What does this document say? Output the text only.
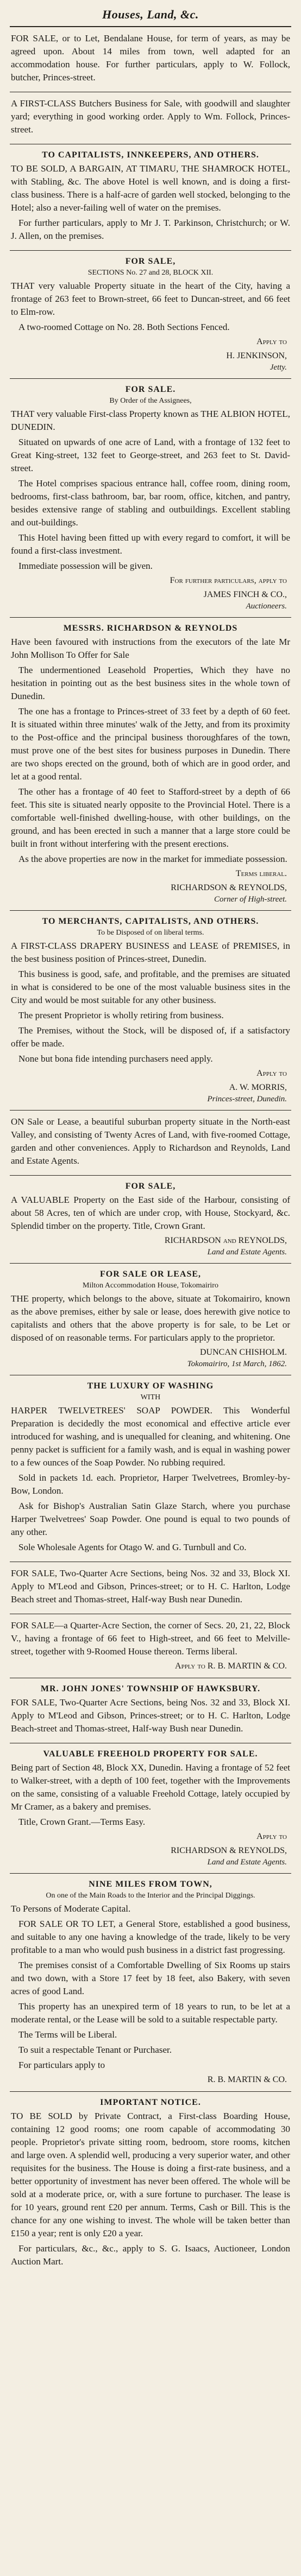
Houses, Land, &c.

FOR SALE, or to Let, Bendalane House, for term of years, as may be agreed upon. About 14 miles from town, well adapted for an accommodation house. For further particulars, apply to W. Follock, butcher, Princes-street.

A FIRST-CLASS Butchers Business for Sale, with goodwill and slaughter yard; everything in good working order. Apply to Wm. Follock, Princes-street.

TO CAPITALISTS, INNKEEPERS, AND OTHERS.

TO BE SOLD, A BARGAIN, AT TIMARU, THE SHAMROCK HOTEL, with Stabling, &c. The above Hotel is well known, and is doing a first-class business. There is a half-acre of garden well stocked, belonging to the Hotel; also a never-failing well of water on the premises.

For further particulars, apply to Mr J. T. Parkinson, Christchurch; or W. J. Allen, on the premises.

FOR SALE,
SECTIONS No. 27 and 28, BLOCK XII.

THAT very valuable Property situate in the heart of the City, having a frontage of 263 feet to Brown-street, 66 feet to Duncan-street, and 66 feet to Elm-row.

A two-roomed Cottage on No. 28. Both Sections Fenced.

Apply to
H. JENKINSON,
Jetty.
FOR SALE.
By Order of the Assignees,

THAT very valuable First-class Property known as THE ALBION HOTEL, DUNEDIN.

Situated on upwards of one acre of Land, with a frontage of 132 feet to Great King-street, 132 feet to George-street, and 263 feet to St. David-street.

The Hotel comprises spacious entrance hall, coffee room, dining room, bedrooms, first-class bathroom, bar, bar room, office, kitchen, and pantry, besides extensive range of stabling and outbuildings. Excellent stabling and out-buildings.

This Hotel having been fitted up with every regard to comfort, it will be found a first-class investment.

Immediate possession will be given.

For further particulars, apply to
JAMES FINCH & CO.,
Auctioneers.
MESSRS. RICHARDSON & REYNOLDS

Have been favoured with instructions from the executors of the late Mr John Mollison To Offer for Sale

The undermentioned Leasehold Properties, Which they have no hesitation in pointing out as the best business sites in the whole town of Dunedin.

The one has a frontage to Princes-street of 33 feet by a depth of 60 feet. It is situated within three minutes' walk of the Jetty, and from its proximity to the Post-office and the principal business thoroughfares of the town, must prove one of the best sites for business purposes in Dunedin. There are two shops erected on the ground, both of which are in good order, and let at a good rental.

The other has a frontage of 40 feet to Stafford-street by a depth of 66 feet. This site is situated nearly opposite to the Provincial Hotel. There is a comfortable well-finished dwelling-house, with other buildings, on the ground, and has been erected in such a manner that a large store could be built in front without interfering with the present erections.

As the above properties are now in the market for immediate possession.

Terms liberal.
RICHARDSON & REYNOLDS,
Corner of High-street.
TO MERCHANTS, CAPITALISTS, AND OTHERS.
To be Disposed of on liberal terms.

A FIRST-CLASS DRAPERY BUSINESS and LEASE of PREMISES, in the best business position of Princes-street, Dunedin.

This business is good, safe, and profitable, and the premises are situated in what is considered to be one of the most valuable business sites in the City and would be most suitable for any other business.

The present Proprietor is wholly retiring from business.

The Premises, without the Stock, will be disposed of, if a satisfactory offer be made.

None but bona fide intending purchasers need apply.

Apply to
A. W. MORRIS,
Princes-street, Dunedin.

ON Sale or Lease, a beautiful suburban property situate in the North-east Valley, and consisting of Twenty Acres of Land, with five-roomed Cottage, garden and other conveniences. Apply to Richardson and Reynolds, Land and Estate Agents.

FOR SALE,

A VALUABLE Property on the East side of the Harbour, consisting of about 58 Acres, ten of which are under crop, with House, Stockyard, &c. Splendid timber on the property. Title, Crown Grant.

RICHARDSON and REYNOLDS,
Land and Estate Agents.
FOR SALE OR LEASE,
Milton Accommodation House, Tokomairiro

THE property, which belongs to the above, situate at Tokomairiro, known as the above premises, either by sale or lease, does herewith give notice to capitalists and others that the above property is for sale, to be Let or disposed of on reasonable terms. For particulars apply to the proprietor.

DUNCAN CHISHOLM.
Tokomairiro, 1st March, 1862.
THE LUXURY OF WASHING
WITH

HARPER TWELVETREES' SOAP POWDER. This Wonderful Preparation is decidedly the most economical and effective article ever introduced for washing, and is unequalled for cleaning, and whitening. One penny packet is sufficient for a family wash, and is equal in washing power to a few ounces of the Soap Powder. No rubbing required.

Sold in packets 1d. each. Proprietor, Harper Twelvetrees, Bromley-by-Bow, London.

Ask for Bishop's Australian Satin Glaze Starch, where you purchase Harper Twelvetrees' Soap Powder. One pound is equal to two pounds of any other.

Sole Wholesale Agents for Otago W. and G. Turnbull and Co.

FOR SALE, Two-Quarter Acre Sections, being Nos. 32 and 33, Block XI. Apply to M'Leod and Gibson, Princes-street; or to H. C. Harlton, Lodge Beach street and Thomas-street, Half-way Bush near Dunedin.

FOR SALE—a Quarter-Acre Section, the corner of Secs. 20, 21, 22, Block V., having a frontage of 66 feet to High-street, and 66 feet to Melville-street, together with 9-Roomed House thereon. Terms liberal.

Apply to R. B. MARTIN & CO.
MR. JOHN JONES' TOWNSHIP OF HAWKSBURY.

FOR SALE, Two-Quarter Acre Sections, being Nos. 32 and 33, Block XI. Apply to M'Leod and Gibson, Princes-street; or to H. C. Harlton, Lodge Beach-street and Thomas-street, Half-way Bush near Dunedin.

VALUABLE FREEHOLD PROPERTY FOR SALE.

Being part of Section 48, Block XX, Dunedin. Having a frontage of 52 feet to Walker-street, with a depth of 100 feet, together with the Improvements on the same, consisting of a valuable Freehold Cottage, lately occupied by Mr Cramer, as a bakery and premises.

Title, Crown Grant.—Terms Easy.

Apply to
RICHARDSON & REYNOLDS,
Land and Estate Agents.
NINE MILES FROM TOWN,
On one of the Main Roads to the Interior and the Principal Diggings.

To Persons of Moderate Capital.

FOR SALE OR TO LET, a General Store, established a good business, and suitable to any one having a knowledge of the trade, likely to be very profitable to a man who would push business in a district fast progressing.

The premises consist of a Comfortable Dwelling of Six Rooms up stairs and two down, with a Store 17 feet by 18 feet, also Bakery, with seven acres of good Land.

This property has an unexpired term of 18 years to run, to be let at a moderate rental, or the Lease will be sold to a suitable respectable party.

The Terms will be Liberal.

To suit a respectable Tenant or Purchaser.

For particulars apply to

R. B. MARTIN & CO.
IMPORTANT NOTICE.

TO BE SOLD by Private Contract, a First-class Boarding House, containing 12 good rooms; one room capable of accommodating 30 people. Proprietor's private sitting room, bedroom, store rooms, kitchen and large oven. A splendid well, producing a very superior water, and other requisites for the business. The House is doing a first-rate business, and a better opportunity of investment has never been offered. The whole will be sold at a moderate price, or, with a sure fortune to purchaser. The lease is for 10 years, ground rent £20 per annum. Terms, Cash or Bill. This is the chance for any one wishing to invest. The whole will be taken better than £150 a year; rent is only £20 a year.

For particulars, &c., &c., apply to S. G. Isaacs, Auctioneer, London Auction Mart.
